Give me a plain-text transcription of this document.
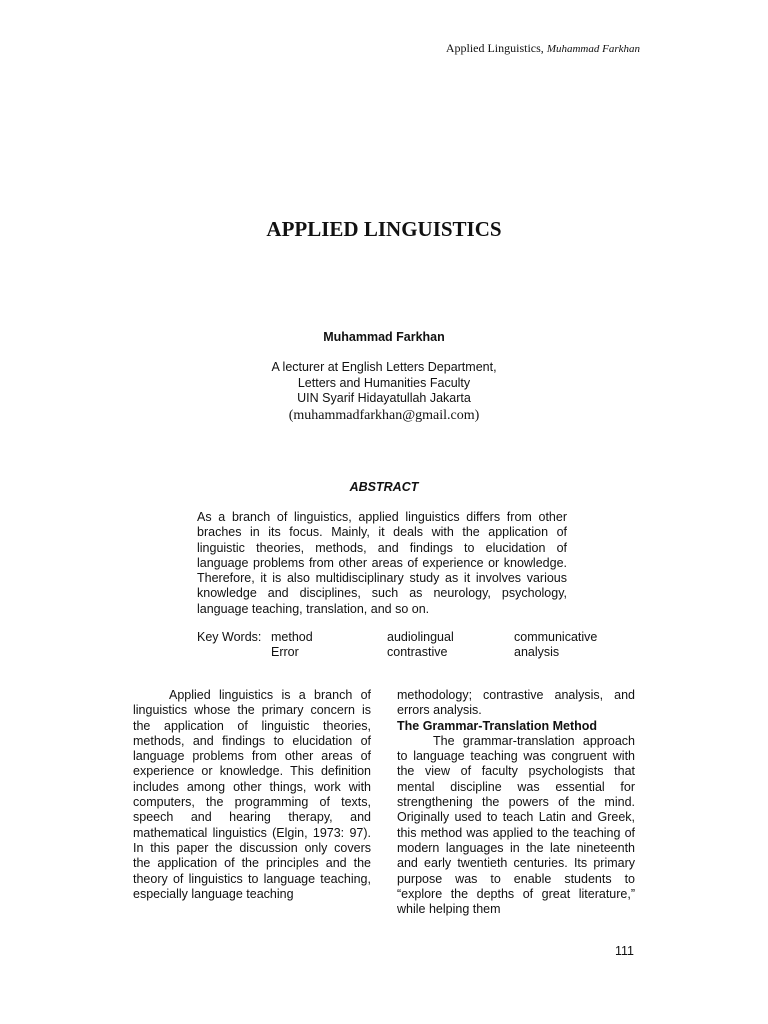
Applied Linguistics, Muhammad Farkhan
APPLIED LINGUISTICS
Muhammad Farkhan
A lecturer at English Letters Department,
Letters and Humanities Faculty
UIN Syarif Hidayatullah Jakarta
(muhammadfarkhan@gmail.com)
ABSTRACT
As a branch of linguistics, applied linguistics differs from other braches in its focus. Mainly, it deals with the application of linguistic theories, methods, and findings to elucidation of language problems from other areas of experience or knowledge. Therefore, it is also multidisciplinary study as it involves various knowledge and disciplines, such as neurology, psychology, language teaching, translation, and so on.
Key Words: method	audiolingual	communicative
Error	contrastive	analysis

Applied linguistics is a branch of linguistics whose the primary concern is the application of linguistic theories, methods, and findings to elucidation of language problems from other areas of experience or knowledge. This definition includes among other things, work with computers, the programming of texts, speech and hearing therapy, and mathematical linguistics (Elgin, 1973: 97). In this paper the discussion only covers the application of the principles and the theory of linguistics to language teaching, especially language teaching

methodology; contrastive analysis, and errors analysis.

The Grammar-Translation Method

The grammar-translation approach to language teaching was congruent with the view of faculty psychologists that mental discipline was essential for strengthening the powers of the mind. Originally used to teach Latin and Greek, this method was applied to the teaching of modern languages in the late nineteenth and early twentieth centuries. Its primary purpose was to enable students to “explore the depths of great literature,” while helping them

111
